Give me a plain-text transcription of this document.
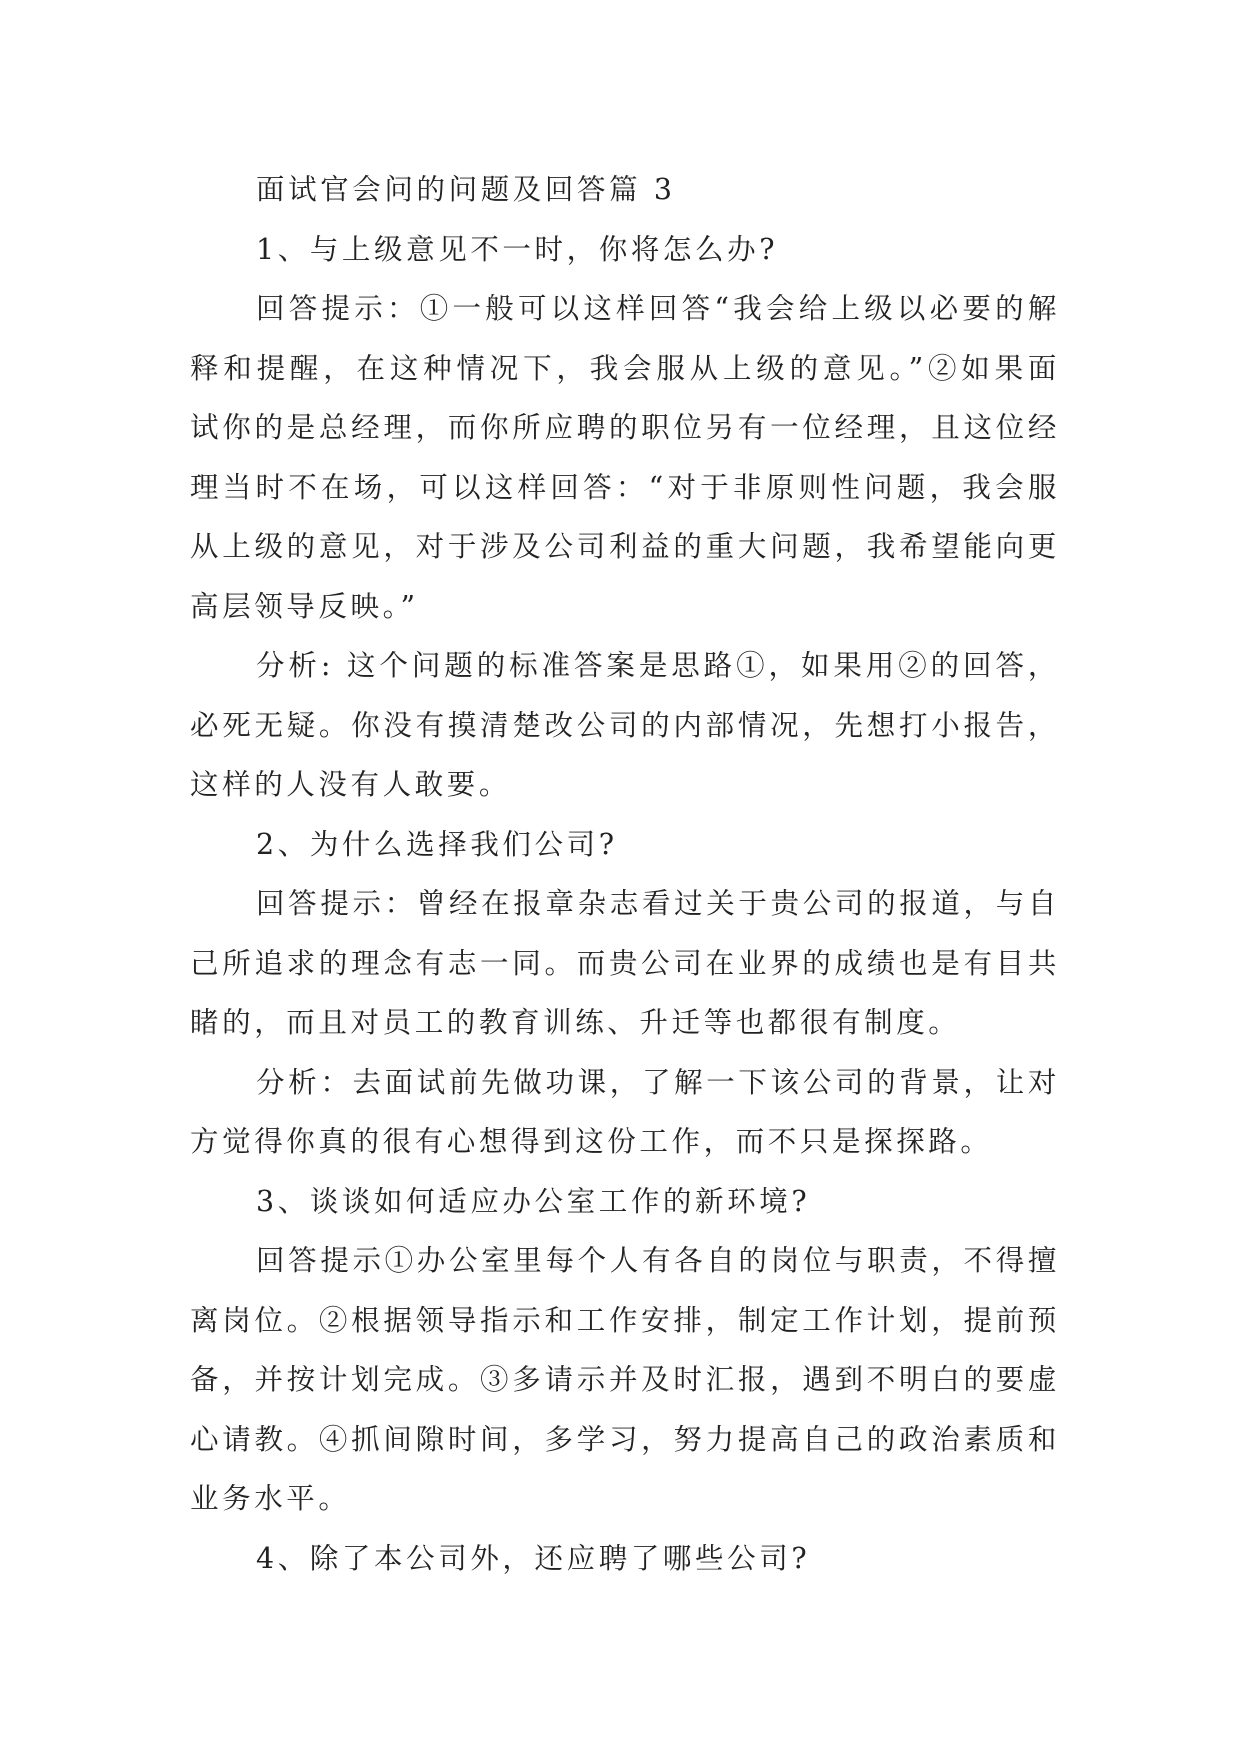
面试官会问的问题及回答篇 3

1、与上级意见不一时，你将怎么办?

回答提示：①一般可以这样回答“我会给上级以必要的解释和提醒，在这种情况下，我会服从上级的意见。”②如果面试你的是总经理，而你所应聘的职位另有一位经理，且这位经理当时不在场，可以这样回答：“对于非原则性问题，我会服从上级的意见，对于涉及公司利益的重大问题，我希望能向更高层领导反映。”

分析: 这个问题的标准答案是思路①，如果用②的回答，必死无疑。你没有摸清楚改公司的内部情况，先想打小报告，这样的人没有人敢要。

2、为什么选择我们公司?

回答提示：曾经在报章杂志看过关于贵公司的报道，与自己所追求的理念有志一同。而贵公司在业界的成绩也是有目共睹的，而且对员工的教育训练、升迁等也都很有制度。

分析：去面试前先做功课，了解一下该公司的背景，让对方觉得你真的很有心想得到这份工作，而不只是探探路。

3、谈谈如何适应办公室工作的新环境?

回答提示①办公室里每个人有各自的岗位与职责，不得擅离岗位。②根据领导指示和工作安排，制定工作计划，提前预备，并按计划完成。③多请示并及时汇报，遇到不明白的要虚心请教。④抓间隙时间，多学习，努力提高自己的政治素质和业务水平。

4、除了本公司外，还应聘了哪些公司?
